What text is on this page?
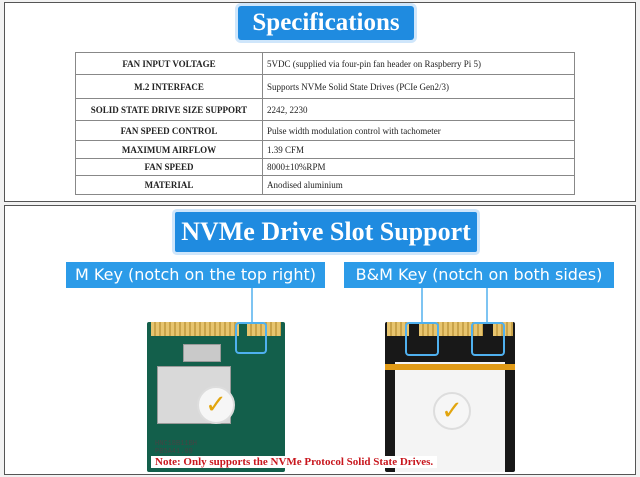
Specifications
FAN INPUT VOLTAGE	5VDC (supplied via four-pin fan header on Raspberry Pi 5)
M.2 INTERFACE	Supports NVMe Solid State Drives (PCIe Gen2/3)
SOLID STATE DRIVE SIZE SUPPORT	2242, 2230
FAN SPEED CONTROL	Pulse width modulation control with tachometer
MAXIMUM AIRFLOW	1.39 CFM
FAN SPEED	8000±10%RPM
MATERIAL	Anodised aluminium
NVMe Drive Slot Support
M Key (notch on the top right)	B&M Key (notch on both sides)
✓
HNC18B11BH
PB5A41.09
✓
Note: Only supports the NVMe Protocol Solid State Drives.
